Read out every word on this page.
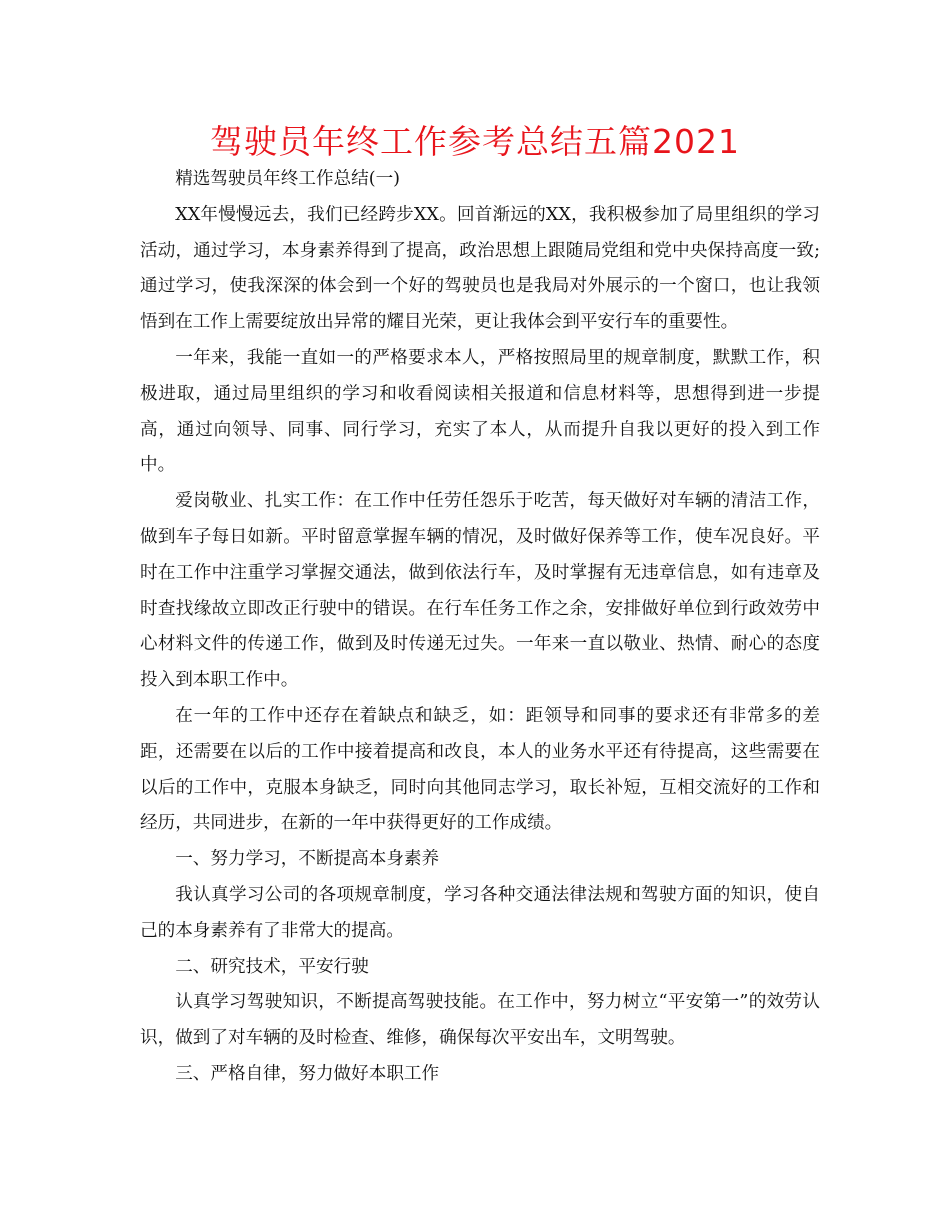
驾驶员年终工作参考总结五篇2021

精选驾驶员年终工作总结(一)

XX年慢慢远去，我们已经跨步XX。回首渐远的XX，我积极参加了局里组织的学习活动，通过学习，本身素养得到了提高，政治思想上跟随局党组和党中央保持高度一致;通过学习，使我深深的体会到一个好的驾驶员也是我局对外展示的一个窗口，也让我领悟到在工作上需要绽放出异常的耀目光荣，更让我体会到平安行车的重要性。

一年来，我能一直如一的严格要求本人，严格按照局里的规章制度，默默工作，积极进取，通过局里组织的学习和收看阅读相关报道和信息材料等，思想得到进一步提高，通过向领导、同事、同行学习，充实了本人，从而提升自我以更好的投入到工作中。

爱岗敬业、扎实工作：在工作中任劳任怨乐于吃苦，每天做好对车辆的清洁工作，做到车子每日如新。平时留意掌握车辆的情况，及时做好保养等工作，使车况良好。平时在工作中注重学习掌握交通法，做到依法行车，及时掌握有无违章信息，如有违章及时查找缘故立即改正行驶中的错误。在行车任务工作之余，安排做好单位到行政效劳中心材料文件的传递工作，做到及时传递无过失。一年来一直以敬业、热情、耐心的态度投入到本职工作中。

在一年的工作中还存在着缺点和缺乏，如：距领导和同事的要求还有非常多的差距，还需要在以后的工作中接着提高和改良，本人的业务水平还有待提高，这些需要在以后的工作中，克服本身缺乏，同时向其他同志学习，取长补短，互相交流好的工作和经历，共同进步，在新的一年中获得更好的工作成绩。

一、努力学习，不断提高本身素养

我认真学习公司的各项规章制度，学习各种交通法律法规和驾驶方面的知识，使自己的本身素养有了非常大的提高。

二、研究技术，平安行驶

认真学习驾驶知识，不断提高驾驶技能。在工作中，努力树立“平安第一”的效劳认识，做到了对车辆的及时检查、维修，确保每次平安出车，文明驾驶。

三、严格自律，努力做好本职工作
